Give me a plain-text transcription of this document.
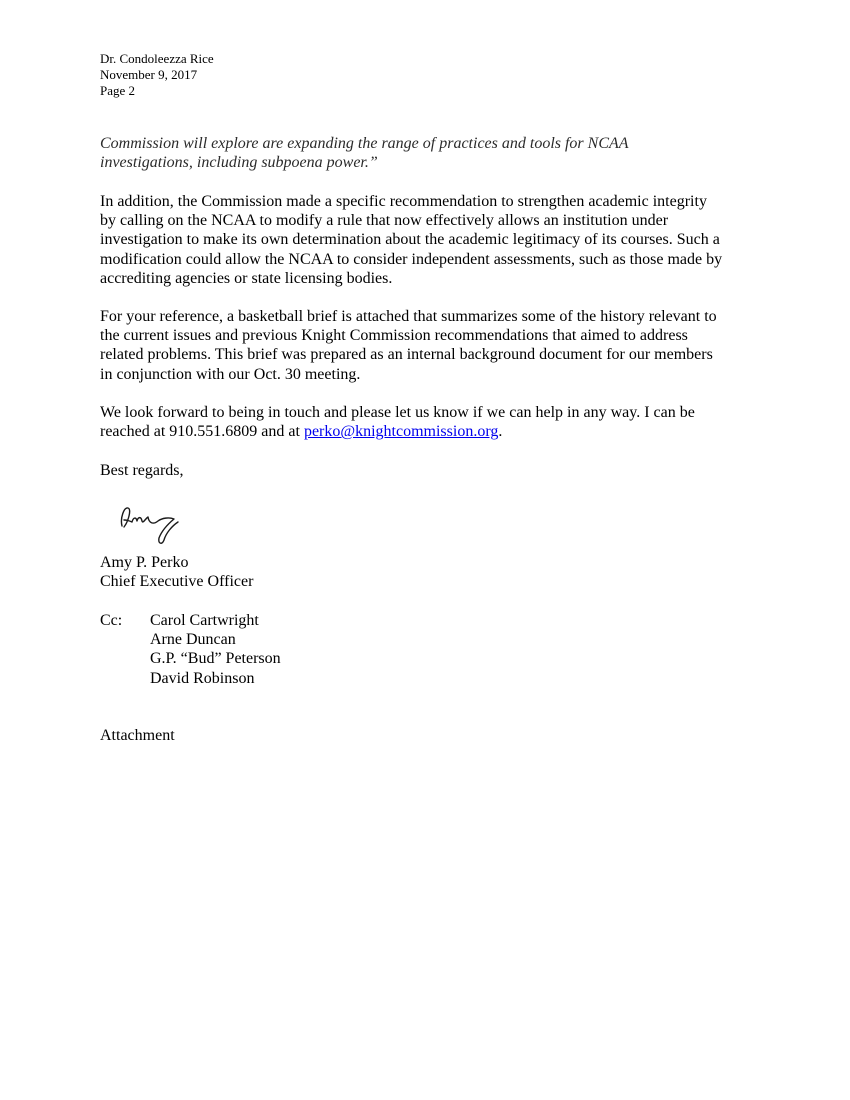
Dr. Condoleezza Rice
November 9, 2017
Page 2
Commission will explore are expanding the range of practices and tools for NCAA
investigations, including subpoena power.”
In addition, the Commission made a specific recommendation to strengthen academic integrity
by calling on the NCAA to modify a rule that now effectively allows an institution under
investigation to make its own determination about the academic legitimacy of its courses. Such a
modification could allow the NCAA to consider independent assessments, such as those made by
accrediting agencies or state licensing bodies.
For your reference, a basketball brief is attached that summarizes some of the history relevant to
the current issues and previous Knight Commission recommendations that aimed to address
related problems. This brief was prepared as an internal background document for our members
in conjunction with our Oct. 30 meeting.
We look forward to being in touch and please let us know if we can help in any way. I can be
reached at 910.551.6809 and at perko@knightcommission.org.
Best regards,
Amy P. Perko
Chief Executive Officer
Cc: Carol Cartwright
Arne Duncan
G.P. “Bud” Peterson
David Robinson
Attachment
